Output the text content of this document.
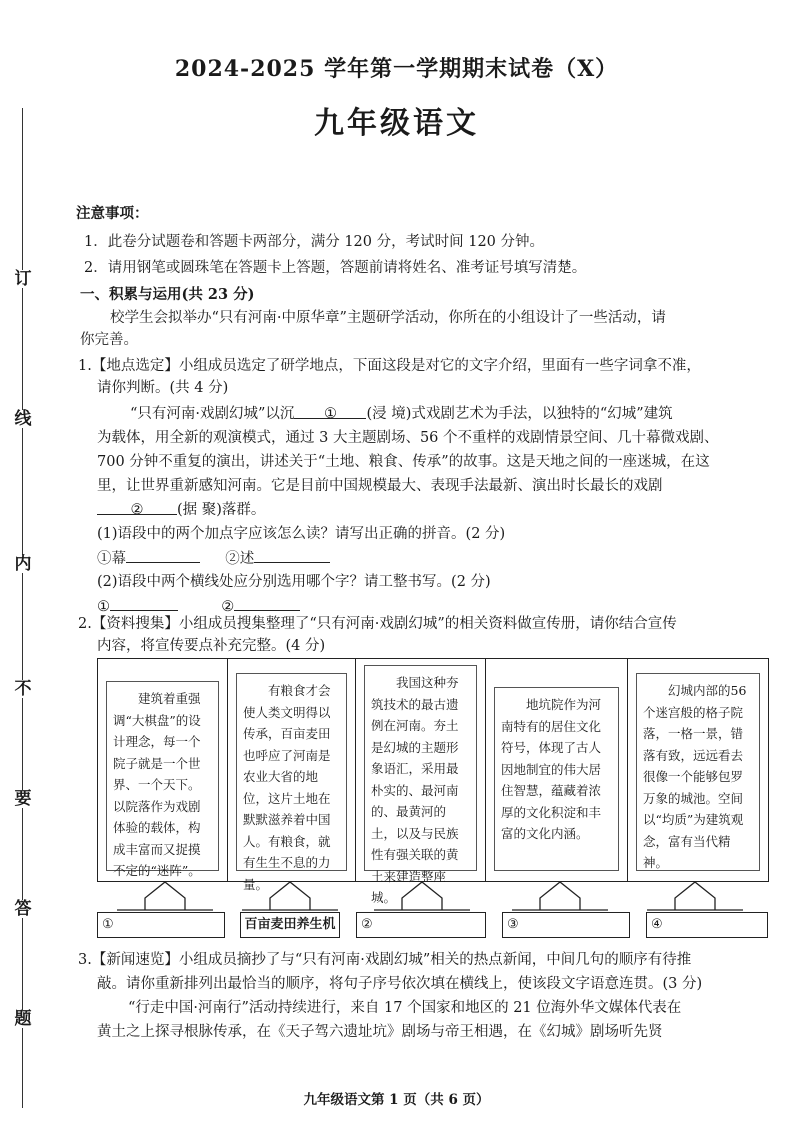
订
线
内
不
要
答
题
2024-2025 学年第一学期期末试卷（X）
九年级语文
注意事项：
1．此卷分试题卷和答题卡两部分，满分 120 分，考试时间 120 分钟。
2．请用钢笔或圆珠笔在答题卡上答题，答题前请将姓名、准考证号填写清楚。
一、积累与运用(共 23 分)
校学生会拟举办“只有河南·中原华章”主题研学活动，你所在的小组设计了一些活动，请
你完善。
1.【地点选定】小组成员选定了研学地点，下面这段是对它的文字介绍，里面有一些字词拿不准，
请你判断。(共 4 分)
“只有河南·戏剧幻城”以沉 ① (浸 境)式戏剧艺术为手法，以独特的“幻城”建筑
为载体，用全新的观演模式，通过 3 大主题剧场、56 个不重样的戏剧情景空间、几十幕微戏剧、
700 分钟不重复的演出，讲述关于“土地、粮食、传承”的故事。这是天地之间的一座迷城，在这
里，让世界重新感知河南。它是目前中国规模最大、表现手法最新、演出时长最长的戏剧
② (据 聚)落群。
(1)语段中的两个加点字应该怎么读？请写出正确的拼音。(2 分)
①幕	②述
(2)语段中两个横线处应分别选用哪个字？请工整书写。(2 分)
①	②
2.【资料搜集】小组成员搜集整理了“只有河南·戏剧幻城”的相关资料做宣传册，请你结合宣传
内容，将宣传要点补充完整。(4 分)

建筑着重强调“大棋盘”的设计理念，每一个院子就是一个世界、一个天下。以院落作为戏剧体验的载体，构成丰富而又捉摸不定的“迷阵”。

有粮食才会使人类文明得以传承，百亩麦田也呼应了河南是农业大省的地位，这片土地在默默滋养着中国人。有粮食，就有生生不息的力量。

我国这种夯筑技术的最古遗例在河南。夯土是幻城的主题形象语汇，采用最朴实的、最河南的、最黄河的土，以及与民族性有强关联的黄土来建造整座城。

地坑院作为河南特有的居住文化符号，体现了古人因地制宜的伟大居住智慧，蕴藏着浓厚的文化积淀和丰富的文化内涵。

幻城内部的56个迷宫般的格子院落，一格一景，错落有致，远远看去很像一个能够包罗万象的城池。空间以“均质”为建筑观念，富有当代精神。

①	百亩麦田养生机	②	③	④
3.【新闻速览】小组成员摘抄了与“只有河南·戏剧幻城”相关的热点新闻，中间几句的顺序有待推
敲。请你重新排列出最恰当的顺序，将句子序号依次填在横线上，使该段文字语意连贯。(3 分)
“行走中国·河南行”活动持续进行，来自 17 个国家和地区的 21 位海外华文媒体代表在
黄土之上探寻根脉传承，在《天子驾六遗址坑》剧场与帝王相遇，在《幻城》剧场听先贤
九年级语文第 1 页（共 6 页）
